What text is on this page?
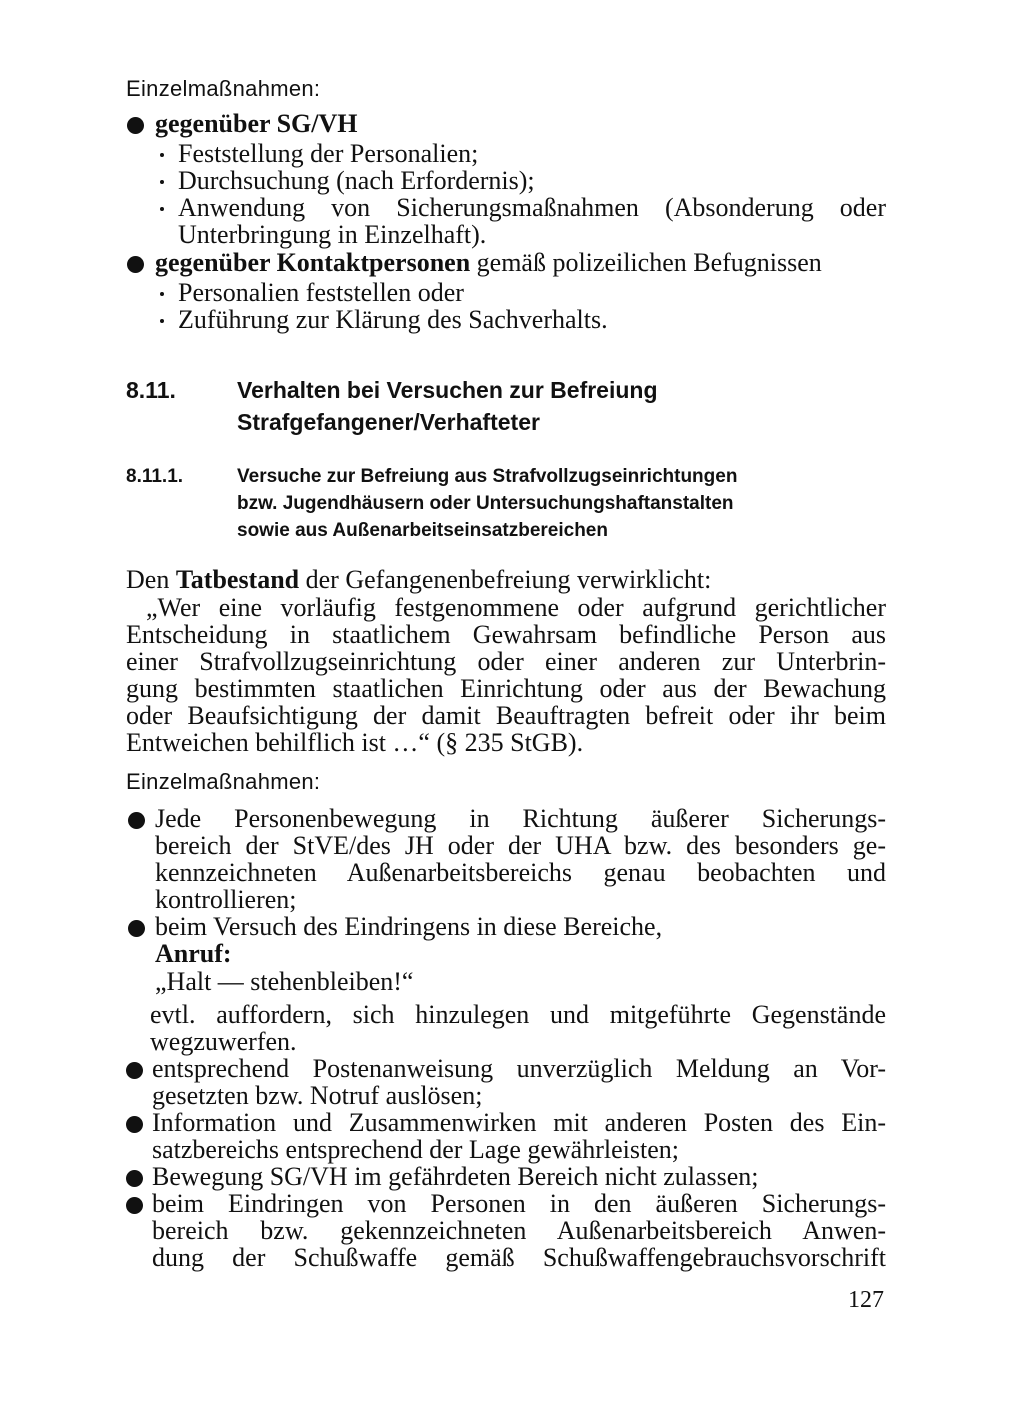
Einzelmaßnahmen:
gegenüber SG/VH
Feststellung der Personalien;
Durchsuchung (nach Erfordernis);
Anwendung von Sicherungsmaßnahmen (Absonderung oder
Unterbringung in Einzelhaft).
gegenüber Kontaktpersonen gemäß polizeilichen Befugnissen
Personalien feststellen oder
Zuführung zur Klärung des Sachverhalts.
8.11.	Verhalten bei Versuchen zur Befreiung
Strafgefangener/Verhafteter
8.11.1.	Versuche zur Befreiung aus Strafvollzugseinrichtungen
bzw. Jugendhäusern oder Untersuchungshaftanstalten
sowie aus Außenarbeitseinsatzbereichen
Den Tatbestand der Gefangenenbefreiung verwirklicht:
„Wer eine vorläufig festgenommene oder aufgrund gerichtlicher
Entscheidung in staatlichem Gewahrsam befindliche Person aus
einer Strafvollzugseinrichtung oder einer anderen zur Unterbrin-
gung bestimmten staatlichen Einrichtung oder aus der Bewachung
oder Beaufsichtigung der damit Beauftragten befreit oder ihr beim
Entweichen behilflich ist …“ (§ 235 StGB).
Einzelmaßnahmen:
Jede Personenbewegung in Richtung äußerer Sicherungs-
bereich der StVE/des JH oder der UHA bzw. des besonders ge-
kennzeichneten Außenarbeitsbereichs genau beobachten und
kontrollieren;
beim Versuch des Eindringens in diese Bereiche,
Anruf:
„Halt — stehenbleiben!“
evtl. auffordern, sich hinzulegen und mitgeführte Gegenstände
wegzuwerfen.
entsprechend Postenanweisung unverzüglich Meldung an Vor-
gesetzten bzw. Notruf auslösen;
Information und Zusammenwirken mit anderen Posten des Ein-
satzbereichs entsprechend der Lage gewährleisten;
Bewegung SG/VH im gefährdeten Bereich nicht zulassen;
beim Eindringen von Personen in den äußeren Sicherungs-
bereich bzw. gekennzeichneten Außenarbeitsbereich Anwen-
dung der Schußwaffe gemäß Schußwaffengebrauchsvorschrift
127
